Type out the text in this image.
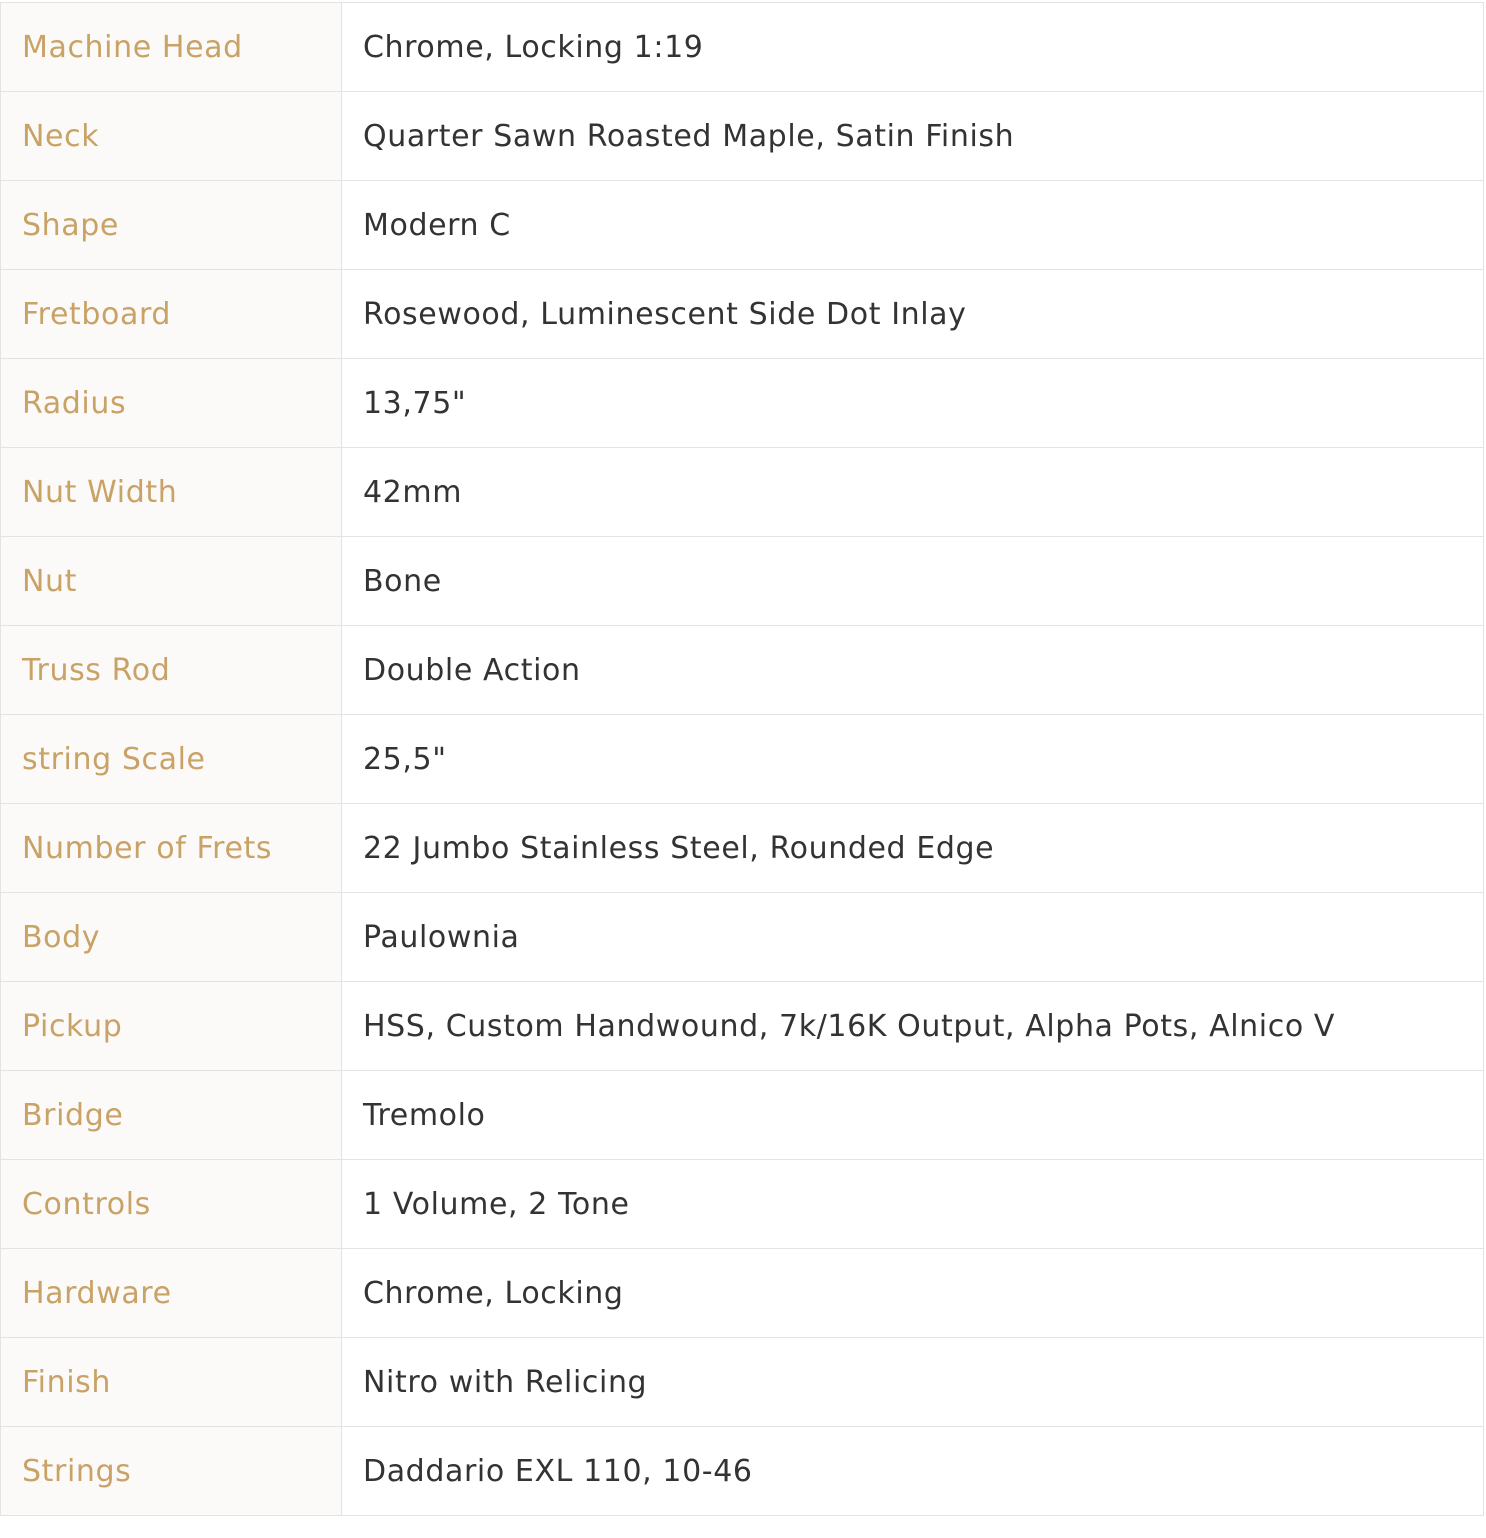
Machine Head	Chrome, Locking 1:19
Neck	Quarter Sawn Roasted Maple, Satin Finish
Shape	Modern C
Fretboard	Rosewood, Luminescent Side Dot Inlay
Radius	13,75"
Nut Width	42mm
Nut	Bone
Truss Rod	Double Action
string Scale	25,5"
Number of Frets	22 Jumbo Stainless Steel, Rounded Edge
Body	Paulownia
Pickup	HSS, Custom Handwound, 7k/16K Output, Alpha Pots, Alnico V
Bridge	Tremolo
Controls	1 Volume, 2 Tone
Hardware	Chrome, Locking
Finish	Nitro with Relicing
Strings	Daddario EXL 110, 10-46
